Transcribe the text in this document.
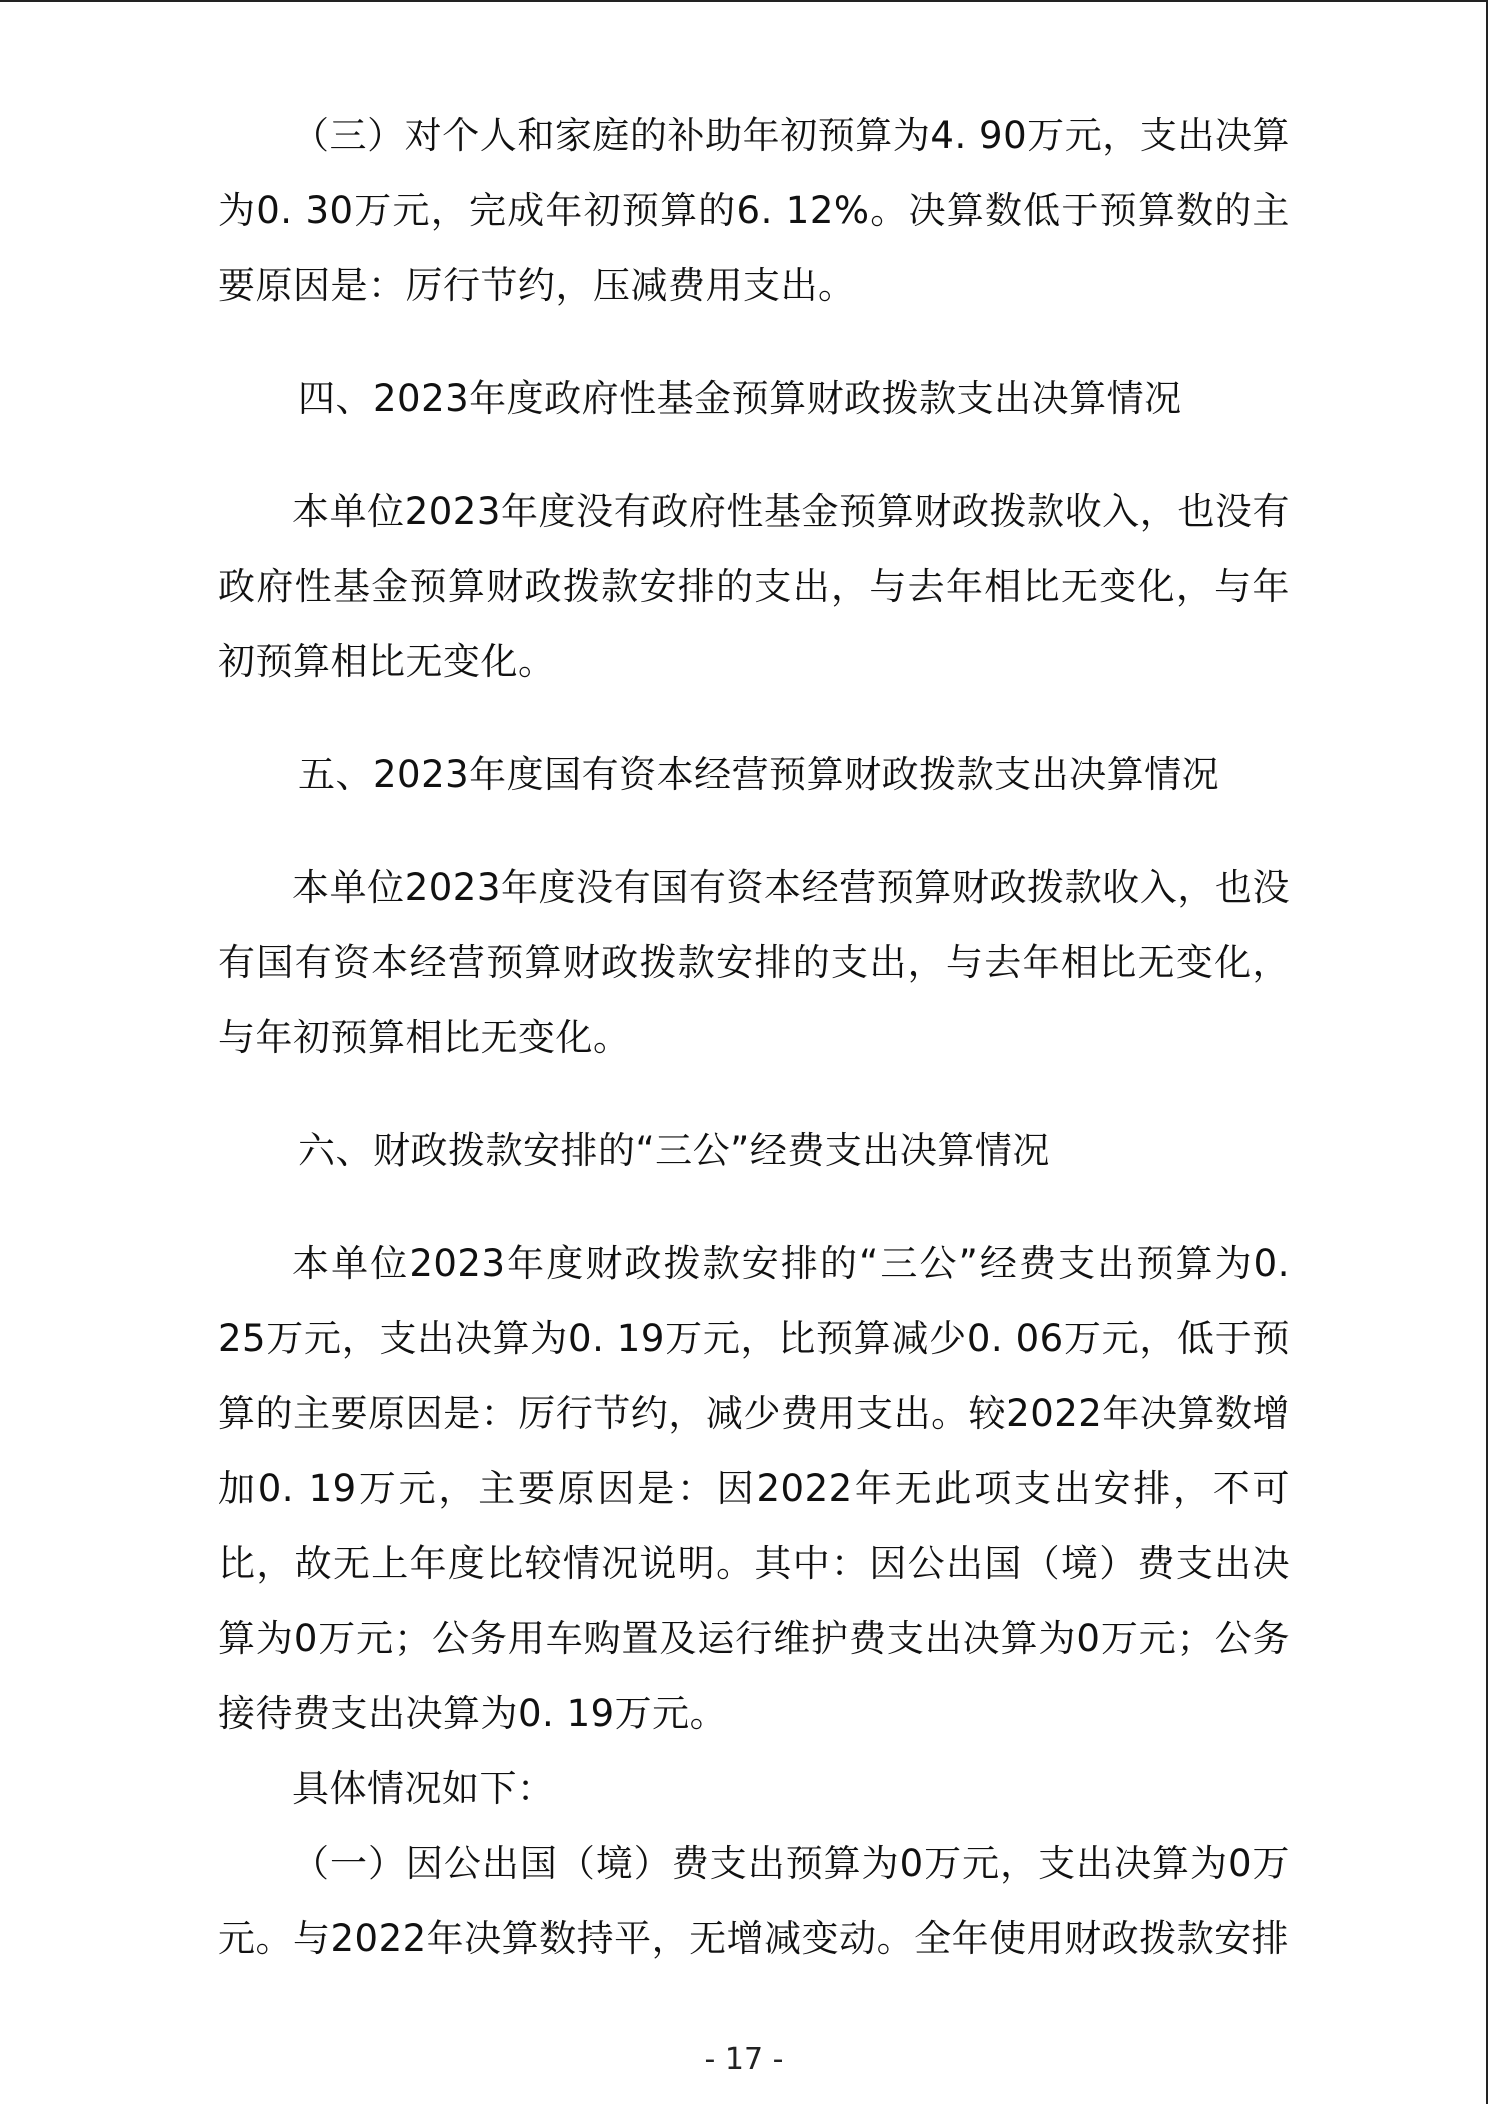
（三）对个人和家庭的补助年初预算为4. 90万元，支出决算为0. 30万元，完成年初预算的6. 12%。决算数低于预算数的主要原因是：厉行节约，压减费用支出。

四、2023年度政府性基金预算财政拨款支出决算情况

本单位2023年度没有政府性基金预算财政拨款收入，也没有政府性基金预算财政拨款安排的支出，与去年相比无变化，与年初预算相比无变化。

五、2023年度国有资本经营预算财政拨款支出决算情况

本单位2023年度没有国有资本经营预算财政拨款收入，也没有国有资本经营预算财政拨款安排的支出，与去年相比无变化，与年初预算相比无变化。

六、财政拨款安排的“三公”经费支出决算情况

本单位2023年度财政拨款安排的“三公”经费支出预算为0. 25万元，支出决算为0. 19万元，比预算减少0. 06万元，低于预算的主要原因是：厉行节约，减少费用支出。较2022年决算数增加0. 19万元，主要原因是：因2022年无此项支出安排，不可比，故无上年度比较情况说明。其中：因公出国（境）费支出决算为0万元；公务用车购置及运行维护费支出决算为0万元；公务接待费支出决算为0. 19万元。

具体情况如下：

（一）因公出国（境）费支出预算为0万元，支出决算为0万元。与2022年决算数持平，无增减变动。全年使用财政拨款安排

- 17 -
